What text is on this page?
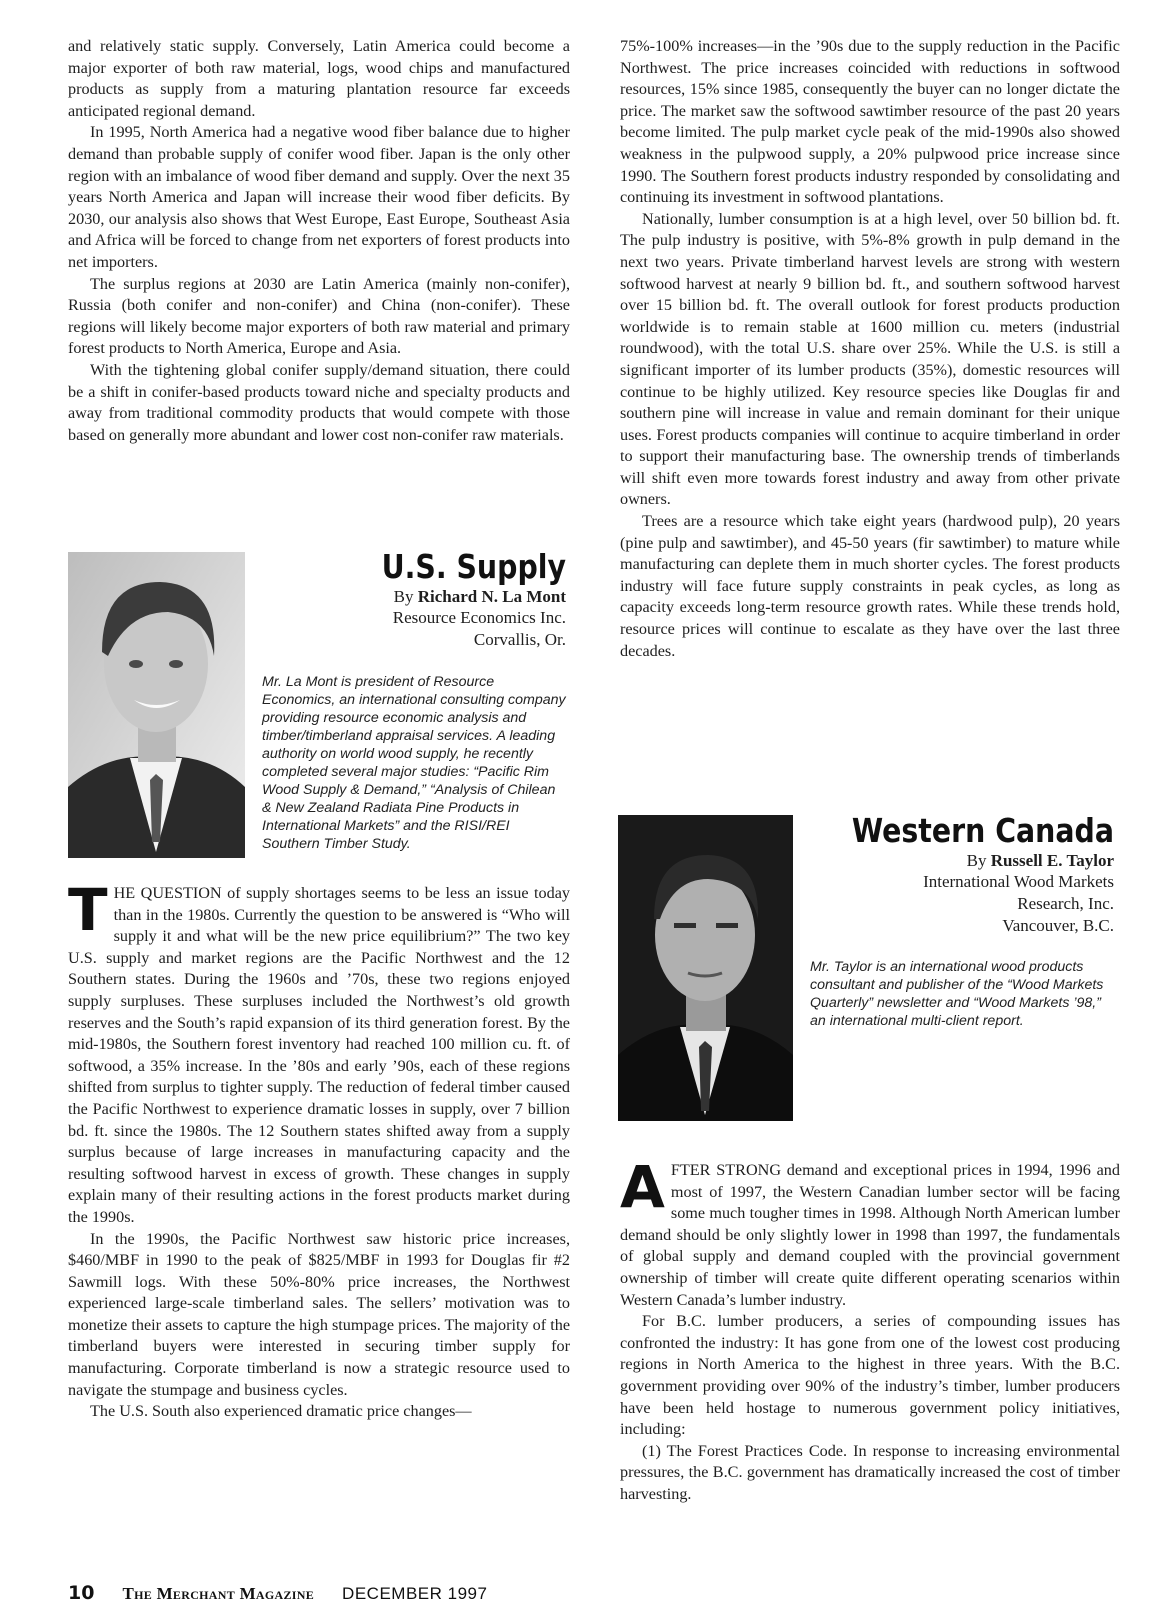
and relatively static supply. Conversely, Latin America could become a major exporter of both raw material, logs, wood chips and manufactured products as supply from a maturing plantation resource far exceeds anticipated regional demand.

In 1995, North America had a negative wood fiber balance due to higher demand than probable supply of conifer wood fiber. Japan is the only other region with an imbalance of wood fiber demand and supply. Over the next 35 years North America and Japan will increase their wood fiber deficits. By 2030, our analysis also shows that West Europe, East Europe, Southeast Asia and Africa will be forced to change from net exporters of forest products into net importers.

The surplus regions at 2030 are Latin America (mainly non-conifer), Russia (both conifer and non-conifer) and China (non-conifer). These regions will likely become major exporters of both raw material and primary forest products to North America, Europe and Asia.

With the tightening global conifer supply/demand situation, there could be a shift in conifer-based products toward niche and specialty products and away from traditional commodity products that would compete with those based on generally more abundant and lower cost non-conifer raw materials.

U.S. Supply
By Richard N. La Mont
Resource Economics Inc.
Corvallis, Or.
Mr. La Mont is president of Resource Economics, an international consulting company providing resource economic analysis and timber/timberland appraisal services. A leading authority on world wood supply, he recently completed several major studies: “Pacific Rim Wood Supply & Demand,” “Analysis of Chilean & New Zealand Radiata Pine Products in International Markets” and the RISI/REI Southern Timber Study.

THE QUESTION of supply shortages seems to be less an issue today than in the 1980s. Currently the question to be answered is “Who will supply it and what will be the new price equilibrium?” The two key U.S. supply and market regions are the Pacific Northwest and the 12 Southern states. During the 1960s and ’70s, these two regions enjoyed supply surpluses. These surpluses included the Northwest’s old growth reserves and the South’s rapid expansion of its third generation forest. By the mid-1980s, the Southern forest inventory had reached 100 million cu. ft. of softwood, a 35% increase. In the ’80s and early ’90s, each of these regions shifted from surplus to tighter supply. The reduction of federal timber caused the Pacific Northwest to experience dramatic losses in supply, over 7 billion bd. ft. since the 1980s. The 12 Southern states shifted away from a supply surplus because of large increases in manufacturing capacity and the resulting softwood harvest in excess of growth. These changes in supply explain many of their resulting actions in the forest products market during the 1990s.

In the 1990s, the Pacific Northwest saw historic price increases, $460/MBF in 1990 to the peak of $825/MBF in 1993 for Douglas fir #2 Sawmill logs. With these 50%-80% price increases, the Northwest experienced large-scale timberland sales. The sellers’ motivation was to monetize their assets to capture the high stumpage prices. The majority of the timberland buyers were interested in securing timber supply for manufacturing. Corporate timberland is now a strategic resource used to navigate the stumpage and business cycles.

The U.S. South also experienced dramatic price changes—

75%-100% increases—in the ’90s due to the supply reduction in the Pacific Northwest. The price increases coincided with reductions in softwood resources, 15% since 1985, consequently the buyer can no longer dictate the price. The market saw the softwood sawtimber resource of the past 20 years become limited. The pulp market cycle peak of the mid-1990s also showed weakness in the pulpwood supply, a 20% pulpwood price increase since 1990. The Southern forest products industry responded by consolidating and continuing its investment in softwood plantations.

Nationally, lumber consumption is at a high level, over 50 billion bd. ft. The pulp industry is positive, with 5%-8% growth in pulp demand in the next two years. Private timberland harvest levels are strong with western softwood harvest at nearly 9 billion bd. ft., and southern softwood harvest over 15 billion bd. ft. The overall outlook for forest products production worldwide is to remain stable at 1600 million cu. meters (industrial roundwood), with the total U.S. share over 25%. While the U.S. is still a significant importer of its lumber products (35%), domestic resources will continue to be highly utilized. Key resource species like Douglas fir and southern pine will increase in value and remain dominant for their unique uses. Forest products companies will continue to acquire timberland in order to support their manufacturing base. The ownership trends of timberlands will shift even more towards forest industry and away from other private owners.

Trees are a resource which take eight years (hardwood pulp), 20 years (pine pulp and sawtimber), and 45-50 years (fir sawtimber) to mature while manufacturing can deplete them in much shorter cycles. The forest products industry will face future supply constraints in peak cycles, as long as capacity exceeds long-term resource growth rates. While these trends hold, resource prices will continue to escalate as they have over the last three decades.

Western Canada
By Russell E. Taylor
International Wood Markets
Research, Inc.
Vancouver, B.C.
Mr. Taylor is an international wood products consultant and publisher of the “Wood Markets Quarterly” newsletter and “Wood Markets ’98,” an international multi-client report.

AFTER STRONG demand and exceptional prices in 1994, 1996 and most of 1997, the Western Canadian lumber sector will be facing some much tougher times in 1998. Although North American lumber demand should be only slightly lower in 1998 than 1997, the fundamentals of global supply and demand coupled with the provincial government ownership of timber will create quite different operating scenarios within Western Canada’s lumber industry.

For B.C. lumber producers, a series of compounding issues has confronted the industry: It has gone from one of the lowest cost producing regions in North America to the highest in three years. With the B.C. government providing over 90% of the industry’s timber, lumber producers have been held hostage to numerous government policy initiatives, including:

(1) The Forest Practices Code. In response to increasing environmental pressures, the B.C. government has dramatically increased the cost of timber harvesting.

10 The Merchant Magazine DECEMBER 1997
